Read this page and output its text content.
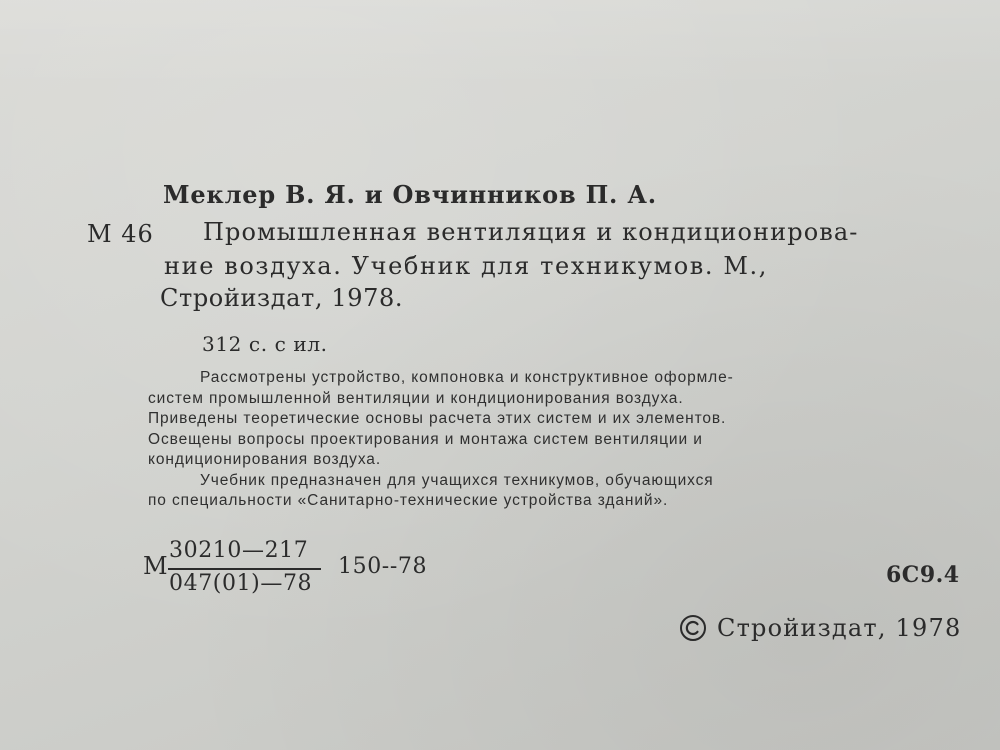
Меклер В. Я. и Овчинников П. А.
М 46 Промышленная вентиляция и кондиционирова-
ние воздуха. Учебник для техникумов. М.,
Стройиздат, 1978.
312 с. с ил.
Рассмотрены устройство, компоновка и конструктивное оформле-
систем промышленной вентиляции и кондиционирования воздуха.
Приведены теоретические основы расчета этих систем и их элементов.
Освещены вопросы проектирования и монтажа систем вентиляции и
кондиционирования воздуха.
Учебник предназначен для учащихся техникумов, обучающихся
по специальности «Санитарно-технические устройства зданий».
М
30210—217
047(01)—78
150--78	6С9.4
Стройиздат, 1978
